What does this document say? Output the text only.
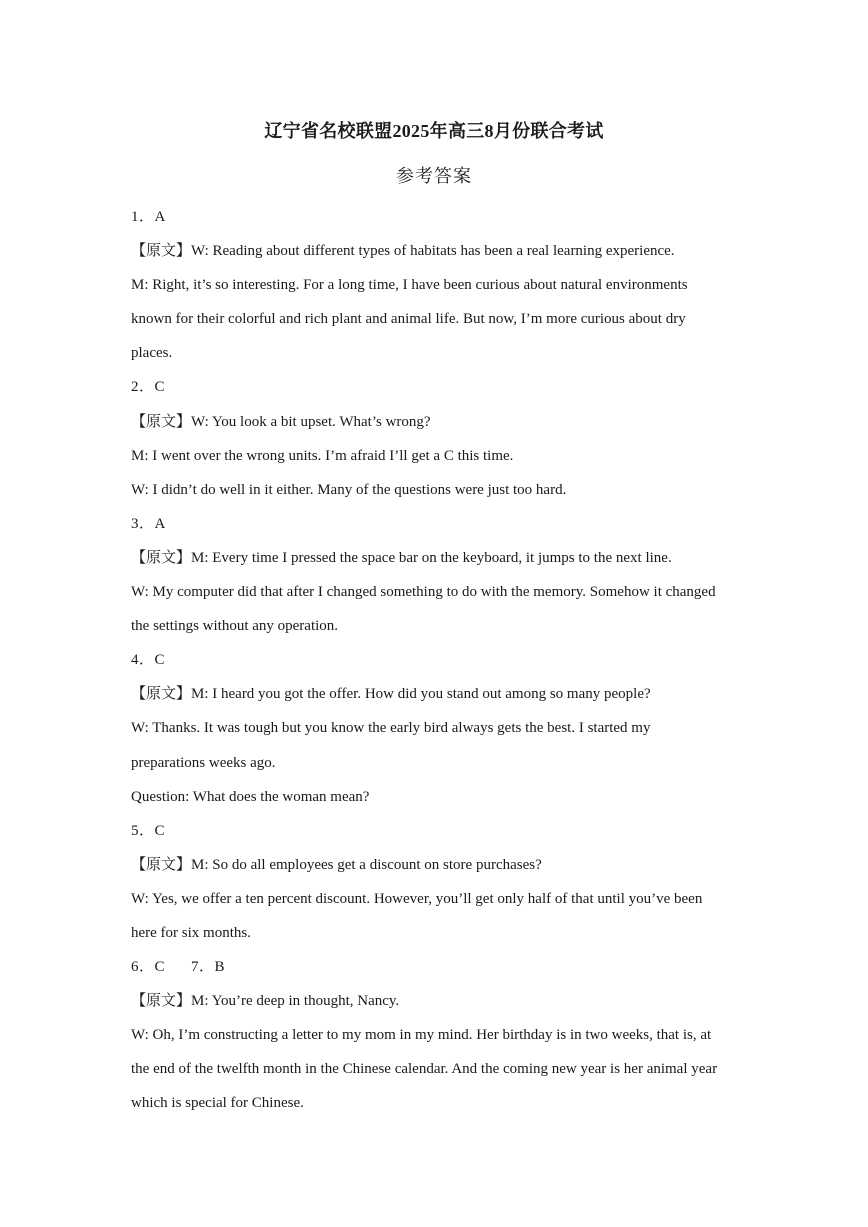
辽宁省名校联盟2025年高三8月份联合考试
参考答案
1．A
【原文】W: Reading about different types of habitats has been a real learning experience.
M: Right, it’s so interesting. For a long time, I have been curious about natural environments
known for their colorful and rich plant and animal life. But now, I’m more curious about dry
places.
2．C
【原文】W: You look a bit upset. What’s wrong?
M: I went over the wrong units. I’m afraid I’ll get a C this time.
W: I didn’t do well in it either. Many of the questions were just too hard.
3．A
【原文】M: Every time I pressed the space bar on the keyboard, it jumps to the next line.
W: My computer did that after I changed something to do with the memory. Somehow it changed
the settings without any operation.
4．C
【原文】M: I heard you got the offer. How did you stand out among so many people?
W: Thanks. It was tough but you know the early bird always gets the best. I started my
preparations weeks ago.
Question: What does the woman mean?
5．C
【原文】M: So do all employees get a discount on store purchases?
W: Yes, we offer a ten percent discount. However, you’ll get only half of that until you’ve been
here for six months.
6．C 7．B
【原文】M: You’re deep in thought, Nancy.
W: Oh, I’m constructing a letter to my mom in my mind. Her birthday is in two weeks, that is, at
the end of the twelfth month in the Chinese calendar. And the coming new year is her animal year
which is special for Chinese.
